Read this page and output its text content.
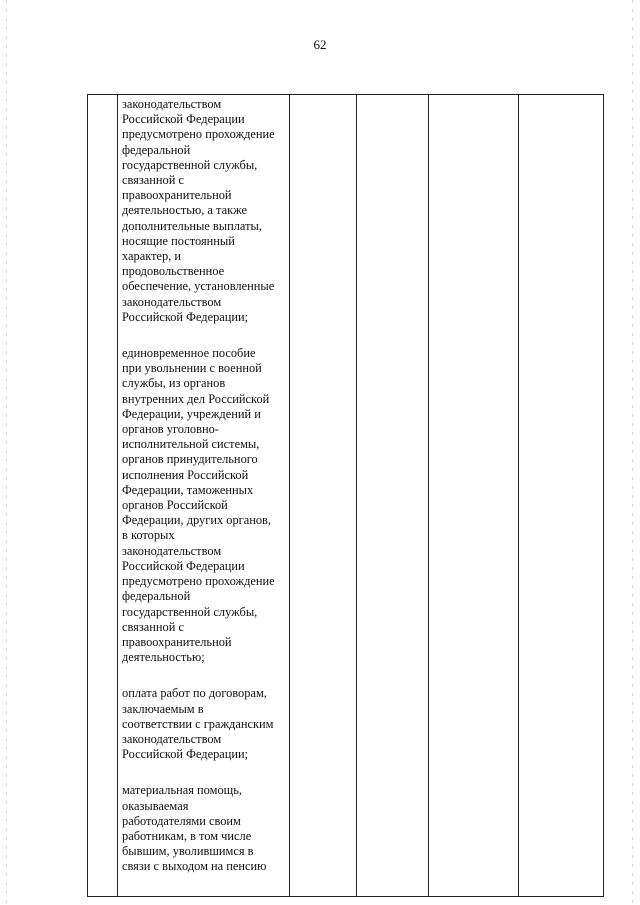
62

законодательством
Российской Федерации
предусмотрено прохождение
федеральной
государственной службы,
связанной с
правоохранительной
деятельностью, а также
дополнительные выплаты,
носящие постоянный
характер, и
продовольственное
обеспечение, установленные
законодательством
Российской Федерации;
единовременное пособие
при увольнении с военной
службы, из органов
внутренних дел Российской
Федерации, учреждений и
органов уголовно-
исполнительной системы,
органов принудительного
исполнения Российской
Федерации, таможенных
органов Российской
Федерации, других органов,
в которых
законодательством
Российской Федерации
предусмотрено прохождение
федеральной
государственной службы,
связанной с
правоохранительной
деятельностью;
оплата работ по договорам,
заключаемым в
соответствии с гражданским
законодательством
Российской Федерации;
материальная помощь,
оказываемая
работодателями своим
работникам, в том числе
бывшим, уволившимся в
связи с выходом на пенсию
